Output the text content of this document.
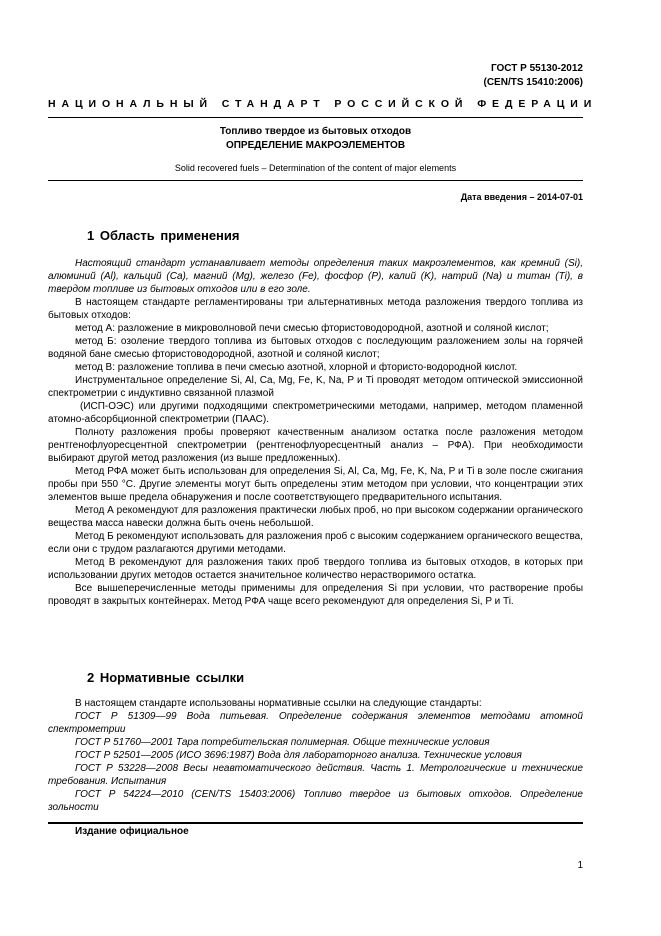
ГОСТ Р 55130-2012
(CEN/TS 15410:2006)
НАЦИОНАЛЬНЫЙ СТАНДАРТ РОССИЙСКОЙ ФЕДЕРАЦИИ
Топливо твердое из бытовых отходов
ОПРЕДЕЛЕНИЕ МАКРОЭЛЕМЕНТОВ
Solid recovered fuels – Determination of the content of major elements
Дата введения – 2014-07-01
1 Область применения

Настоящий стандарт устанавливает методы определения таких макроэлементов, как кремний (Si), алюминий (Al), кальций (Ca), магний (Mg), железо (Fe), фосфор (P), калий (K), натрий (Na) и титан (Ti), в твердом топливе из бытовых отходов или в его золе.

В настоящем стандарте регламентированы три альтернативных метода разложения твердого топлива из бытовых отходов:

метод А: разложение в микроволновой печи смесью фтористоводородной, азотной и соляной кислот;

метод Б: озоление твердого топлива из бытовых отходов с последующим разложением золы на горячей водяной бане смесью фтористоводородной, азотной и соляной кислот;

метод В: разложение топлива в печи смесью азотной, хлорной и фтористо-водородной кислот.

Инструментальное определение Si, Al, Ca, Mg, Fe, K, Na, P и Ti проводят методом оптической эмиссионной спектрометрии с индуктивно связанной плазмой

(ИСП-ОЭС) или другими подходящими спектрометрическими методами, например, методом пламенной атомно-абсорбционной спектрометрии (ПААС).

Полноту разложения пробы проверяют качественным анализом остатка после разложения методом рентгенофлуоресцентной спектрометрии (рентгенофлуоресцентный анализ – РФА). При необходимости выбирают другой метод разложения (из выше предложенных).

Метод РФА может быть использован для определения Si, Al, Ca, Mg, Fe, K, Na, P и Ti в золе после сжигания пробы при 550 °С. Другие элементы могут быть определены этим методом при условии, что концентрации этих элементов выше предела обнаружения и после соответствующего предварительного испытания.

Метод А рекомендуют для разложения практически любых проб, но при высоком содержании органического вещества масса навески должна быть очень небольшой.

Метод Б рекомендуют использовать для разложения проб с высоким содержанием органического вещества, если они с трудом разлагаются другими методами.

Метод В рекомендуют для разложения таких проб твердого топлива из бытовых отходов, в которых при использовании других методов остается значительное количество нерастворимого остатка.

Все вышеперечисленные методы применимы для определения Si при условии, что растворение пробы проводят в закрытых контейнерах. Метод РФА чаще всего рекомендуют для определения Si, P и Ti.

2 Нормативные ссылки

В настоящем стандарте использованы нормативные ссылки на следующие стандарты:

ГОСТ Р 51309—99 Вода питьевая. Определение содержания элементов методами атомной спектрометрии

ГОСТ Р 51760—2001 Тара потребительская полимерная. Общие технические условия

ГОСТ Р 52501—2005 (ИСО 3696:1987) Вода для лабораторного анализа. Технические условия

ГОСТ Р 53228—2008 Весы неавтоматического действия. Часть 1. Метрологические и технические требования. Испытания

ГОСТ Р 54224—2010 (CEN/TS 15403:2006) Топливо твердое из бытовых отходов. Определение зольности

Издание официальное
1
